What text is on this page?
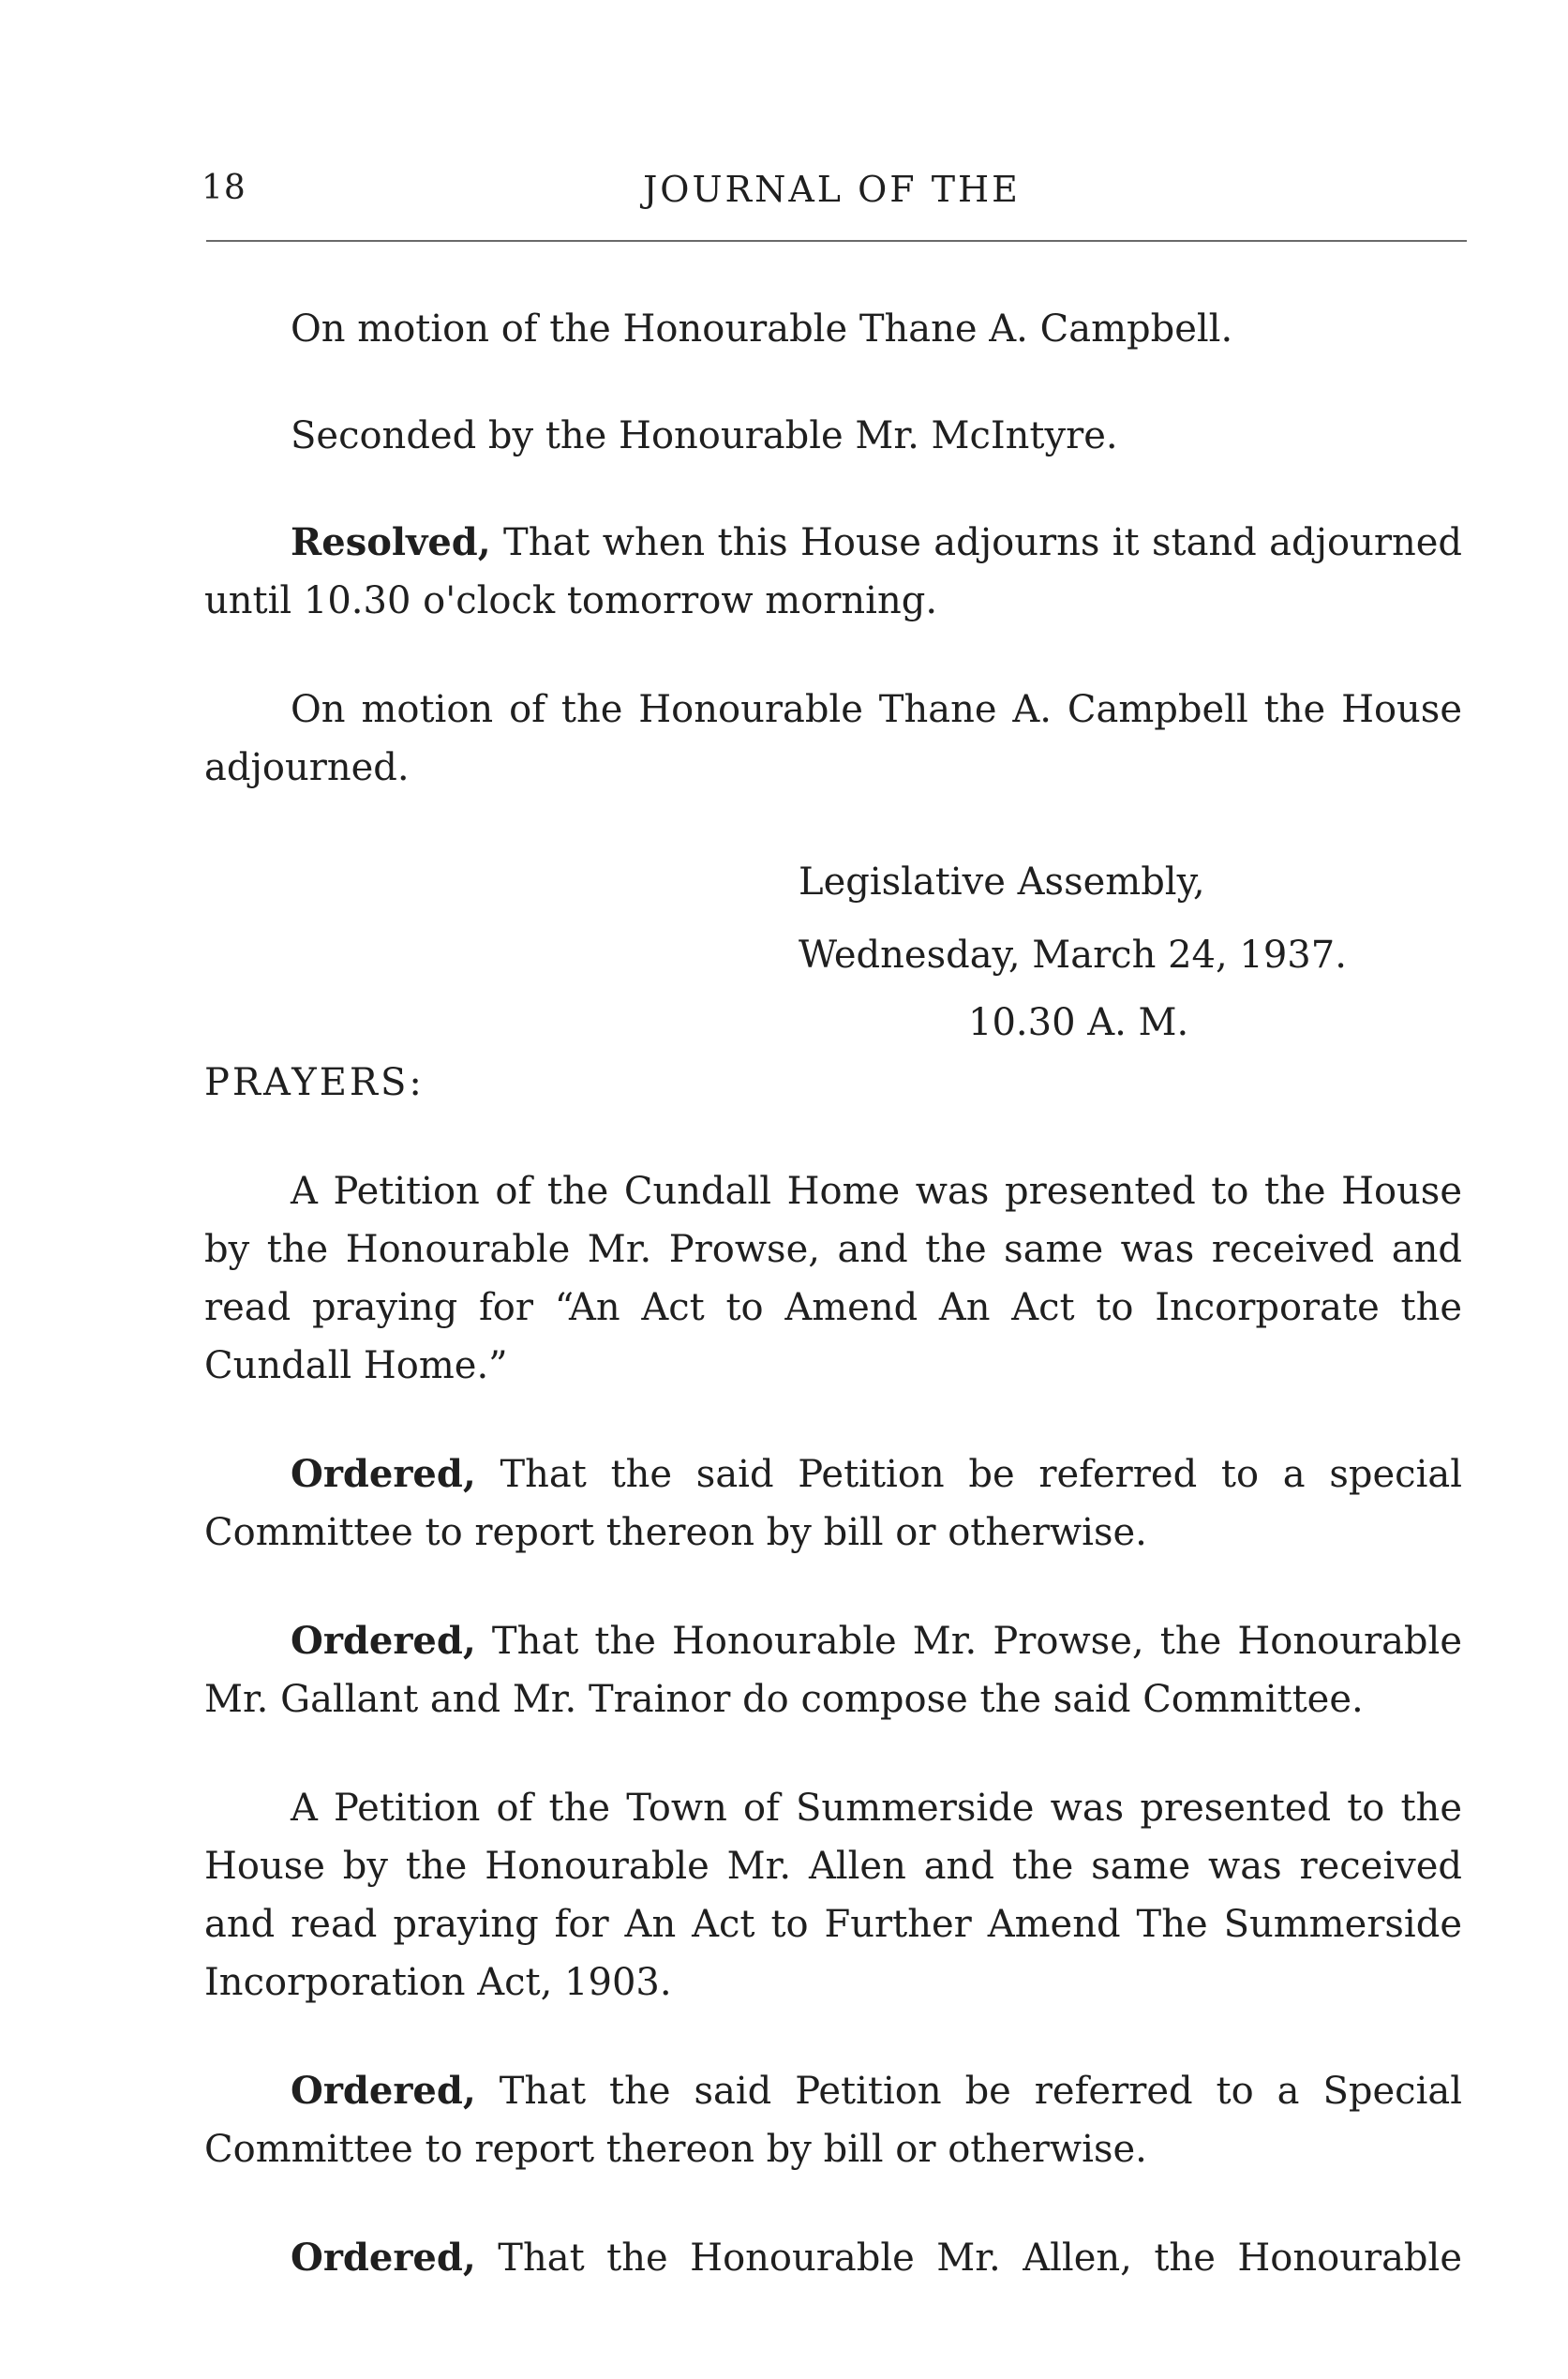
18	JOURNAL OF THE

On motion of the Honourable Thane A. Campbell.

Seconded by the Honourable Mr. McIntyre.

Resolved, That when this House adjourns it stand adjourned until 10.30 o'clock tomorrow morning.

On motion of the Honourable Thane A. Campbell the House adjourned.

Legislative Assembly,

Wednesday, March 24, 1937.

10.30 A. M.

PRAYERS:

A Petition of the Cundall Home was presented to the House by the Honourable Mr. Prowse, and the same was received and read praying for “An Act to Amend An Act to Incorporate the Cundall Home.”

Ordered, That the said Petition be referred to a special Committee to report thereon by bill or otherwise.

Ordered, That the Honourable Mr. Prowse, the Honourable Mr. Gallant and Mr. Trainor do compose the said Committee.

A Petition of the Town of Summerside was presented to the House by the Honourable Mr. Allen and the same was received and read praying for An Act to Further Amend The Summerside Incorporation Act, 1903.

Ordered, That the said Petition be referred to a Special Committee to report thereon by bill or otherwise.

Ordered, That the Honourable Mr. Allen, the Honourable
